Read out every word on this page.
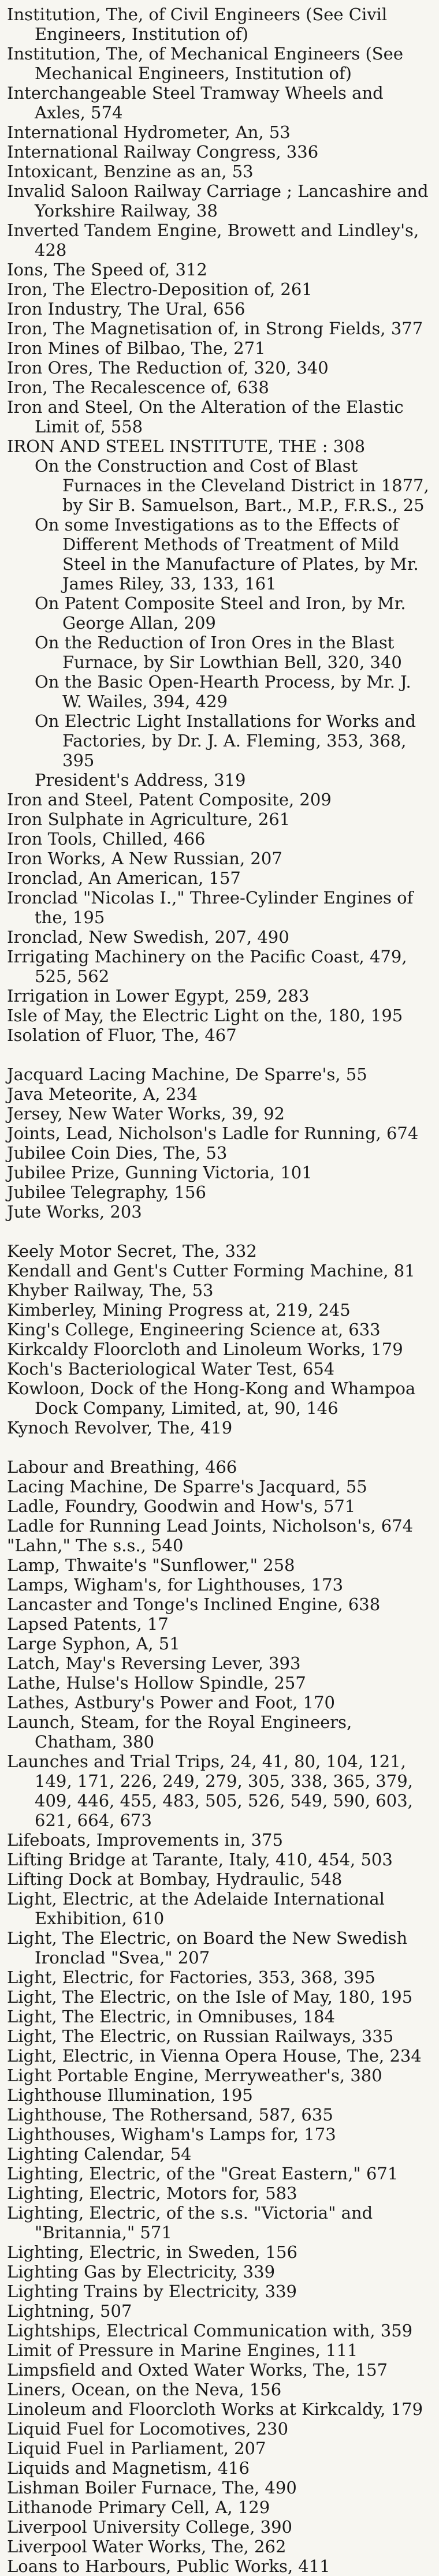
Institution, The, of Civil Engineers (See Civil Engineers, Institution of)

Institution, The, of Mechanical Engineers (See Mechanical Engineers, Institution of)

Interchangeable Steel Tramway Wheels and Axles, 574

International Hydrometer, An, 53

International Railway Congress, 336

Intoxicant, Benzine as an, 53

Invalid Saloon Railway Carriage ; Lancashire and Yorkshire Railway, 38

Inverted Tandem Engine, Browett and Lindley's, 428

Ions, The Speed of, 312

Iron, The Electro-Deposition of, 261

Iron Industry, The Ural, 656

Iron, The Magnetisation of, in Strong Fields, 377

Iron Mines of Bilbao, The, 271

Iron Ores, The Reduction of, 320, 340

Iron, The Recalescence of, 638

Iron and Steel, On the Alteration of the Elastic Limit of, 558

IRON AND STEEL INSTITUTE, THE : 308

On the Construction and Cost of Blast Furnaces in the Cleveland District in 1877, by Sir B. Samuelson, Bart., M.P., F.R.S., 25

On some Investigations as to the Effects of Different Methods of Treatment of Mild Steel in the Manufacture of Plates, by Mr. James Riley, 33, 133, 161

On Patent Composite Steel and Iron, by Mr. George Allan, 209

On the Reduction of Iron Ores in the Blast Furnace, by Sir Lowthian Bell, 320, 340

On the Basic Open-Hearth Process, by Mr. J. W. Wailes, 394, 429

On Electric Light Installations for Works and Factories, by Dr. J. A. Fleming, 353, 368, 395

President's Address, 319

Iron and Steel, Patent Composite, 209

Iron Sulphate in Agriculture, 261

Iron Tools, Chilled, 466

Iron Works, A New Russian, 207

Ironclad, An American, 157

Ironclad "Nicolas I.," Three-Cylinder Engines of the, 195

Ironclad, New Swedish, 207, 490

Irrigating Machinery on the Pacific Coast, 479, 525, 562

Irrigation in Lower Egypt, 259, 283

Isle of May, the Electric Light on the, 180, 195

Isolation of Fluor, The, 467

Jacquard Lacing Machine, De Sparre's, 55

Java Meteorite, A, 234

Jersey, New Water Works, 39, 92

Joints, Lead, Nicholson's Ladle for Running, 674

Jubilee Coin Dies, The, 53

Jubilee Prize, Gunning Victoria, 101

Jubilee Telegraphy, 156

Jute Works, 203

Keely Motor Secret, The, 332

Kendall and Gent's Cutter Forming Machine, 81

Khyber Railway, The, 53

Kimberley, Mining Progress at, 219, 245

King's College, Engineering Science at, 633

Kirkcaldy Floorcloth and Linoleum Works, 179

Koch's Bacteriological Water Test, 654

Kowloon, Dock of the Hong-Kong and Whampoa Dock Company, Limited, at, 90, 146

Kynoch Revolver, The, 419

Labour and Breathing, 466

Lacing Machine, De Sparre's Jacquard, 55

Ladle, Foundry, Goodwin and How's, 571

Ladle for Running Lead Joints, Nicholson's, 674

"Lahn," The s.s., 540

Lamp, Thwaite's "Sunflower," 258

Lamps, Wigham's, for Lighthouses, 173

Lancaster and Tonge's Inclined Engine, 638

Lapsed Patents, 17

Large Syphon, A, 51

Latch, May's Reversing Lever, 393

Lathe, Hulse's Hollow Spindle, 257

Lathes, Astbury's Power and Foot, 170

Launch, Steam, for the Royal Engineers, Chatham, 380

Launches and Trial Trips, 24, 41, 80, 104, 121, 149, 171, 226, 249, 279, 305, 338, 365, 379, 409, 446, 455, 483, 505, 526, 549, 590, 603, 621, 664, 673

Lifeboats, Improvements in, 375

Lifting Bridge at Tarante, Italy, 410, 454, 503

Lifting Dock at Bombay, Hydraulic, 548

Light, Electric, at the Adelaide International Exhibition, 610

Light, The Electric, on Board the New Swedish Ironclad "Svea," 207

Light, Electric, for Factories, 353, 368, 395

Light, The Electric, on the Isle of May, 180, 195

Light, The Electric, in Omnibuses, 184

Light, The Electric, on Russian Railways, 335

Light, Electric, in Vienna Opera House, The, 234

Light Portable Engine, Merryweather's, 380

Lighthouse Illumination, 195

Lighthouse, The Rothersand, 587, 635

Lighthouses, Wigham's Lamps for, 173

Lighting Calendar, 54

Lighting, Electric, of the "Great Eastern," 671

Lighting, Electric, Motors for, 583

Lighting, Electric, of the s.s. "Victoria" and "Britannia," 571

Lighting, Electric, in Sweden, 156

Lighting Gas by Electricity, 339

Lighting Trains by Electricity, 339

Lightning, 507

Lightships, Electrical Communication with, 359

Limit of Pressure in Marine Engines, 111

Limpsfield and Oxted Water Works, The, 157

Liners, Ocean, on the Neva, 156

Linoleum and Floorcloth Works at Kirkcaldy, 179

Liquid Fuel for Locomotives, 230

Liquid Fuel in Parliament, 207

Liquids and Magnetism, 416

Lishman Boiler Furnace, The, 490

Lithanode Primary Cell, A, 129

Liverpool University College, 390

Liverpool Water Works, The, 262

Loans to Harbours, Public Works, 411
